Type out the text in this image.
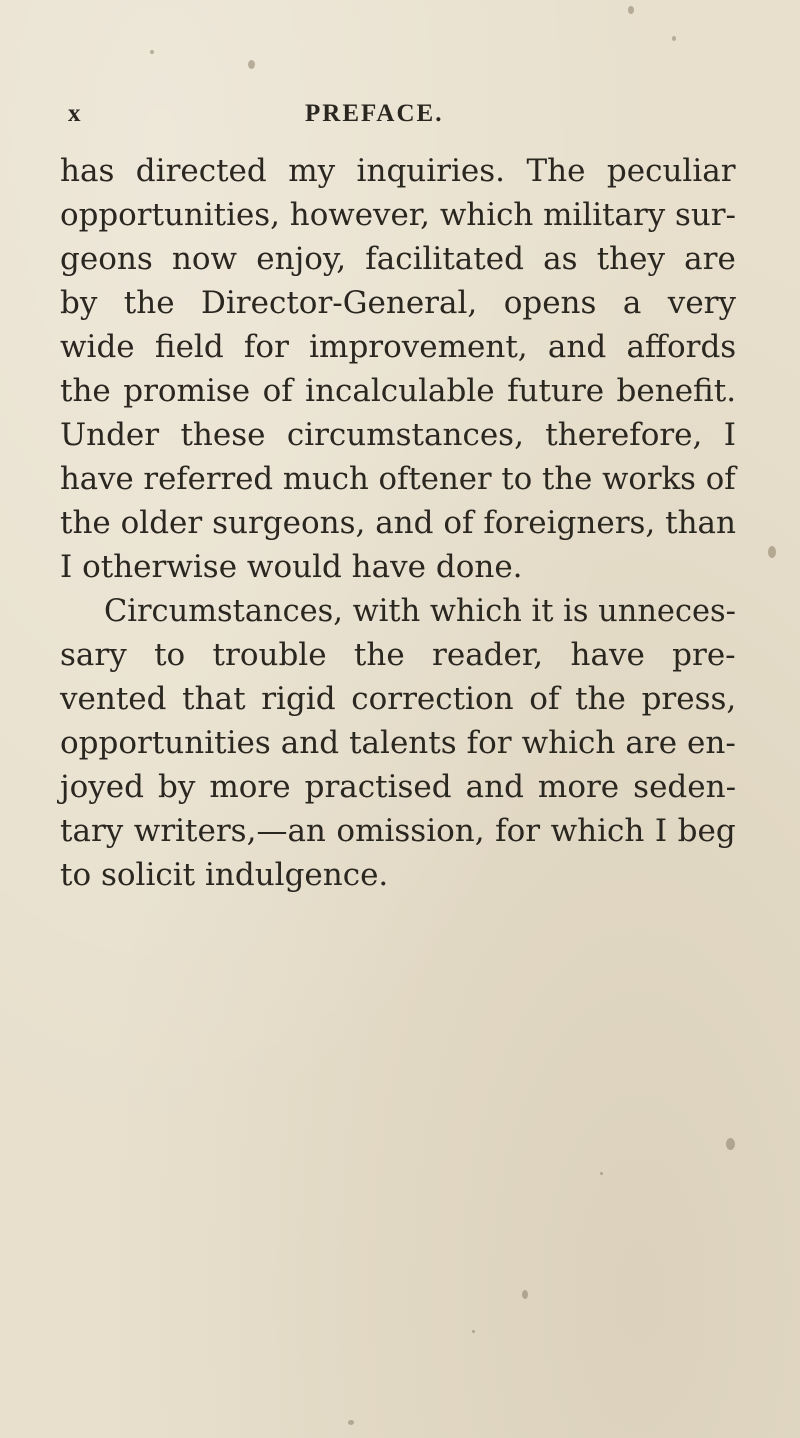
x	PREFACE.
has directed my inquiries. The peculiar
opportunities, however, which military sur-
geons now enjoy, facilitated as they are
by the Director-General, opens a very
wide field for improvement, and affords
the promise of incalculable future benefit.
Under these circumstances, therefore, I
have referred much oftener to the works of
the older surgeons, and of foreigners, than
I otherwise would have done.
Circumstances, with which it is unneces-
sary to trouble the reader, have pre-
vented that rigid correction of the press,
opportunities and talents for which are en-
joyed by more practised and more seden-
tary writers,—an omission, for which I beg
to solicit indulgence.
